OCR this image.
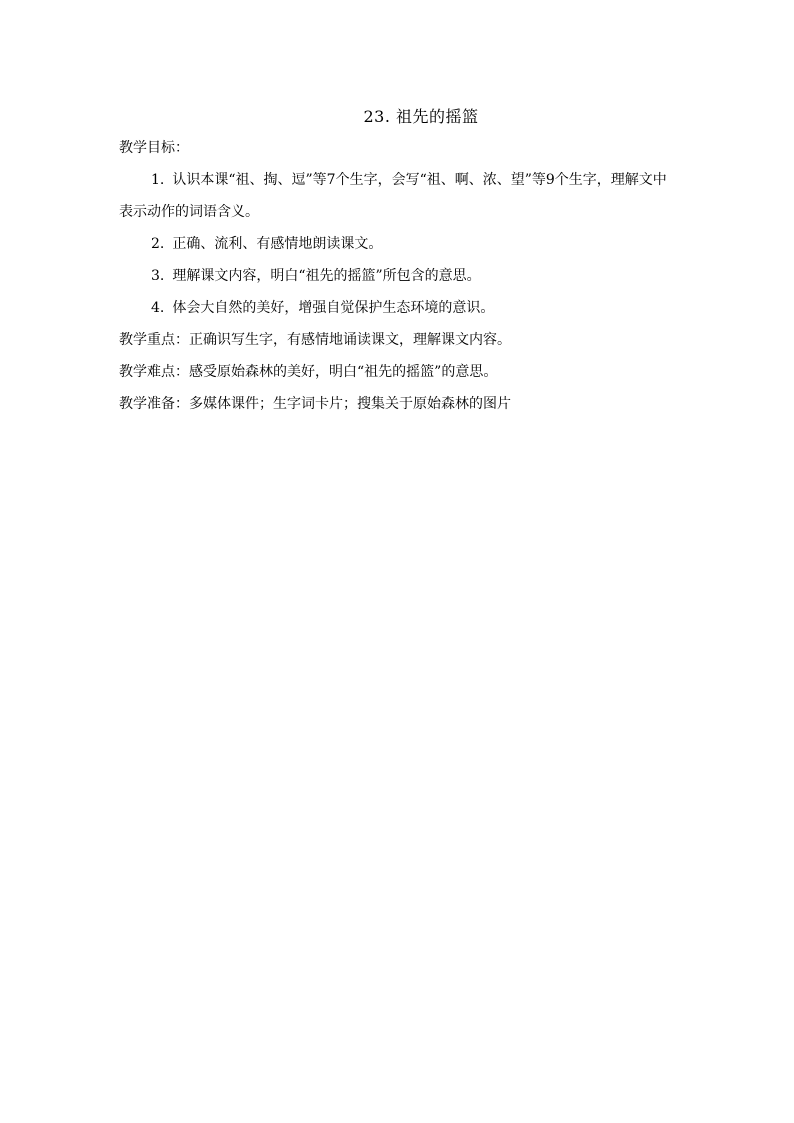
23. 祖先的摇篮
教学目标：

1. 认识本课“祖、掏、逗”等7个生字，会写“祖、啊、浓、望”等9个生字，理解文中表示动作的词语含义。

2. 正确、流利、有感情地朗读课文。

3. 理解课文内容，明白“祖先的摇篮”所包含的意思。

4. 体会大自然的美好，增强自觉保护生态环境的意识。

教学重点：正确识写生字，有感情地诵读课文，理解课文内容。
教学难点：感受原始森林的美好，明白“祖先的摇篮”的意思。
教学准备：多媒体课件；生字词卡片；搜集关于原始森林的图片
